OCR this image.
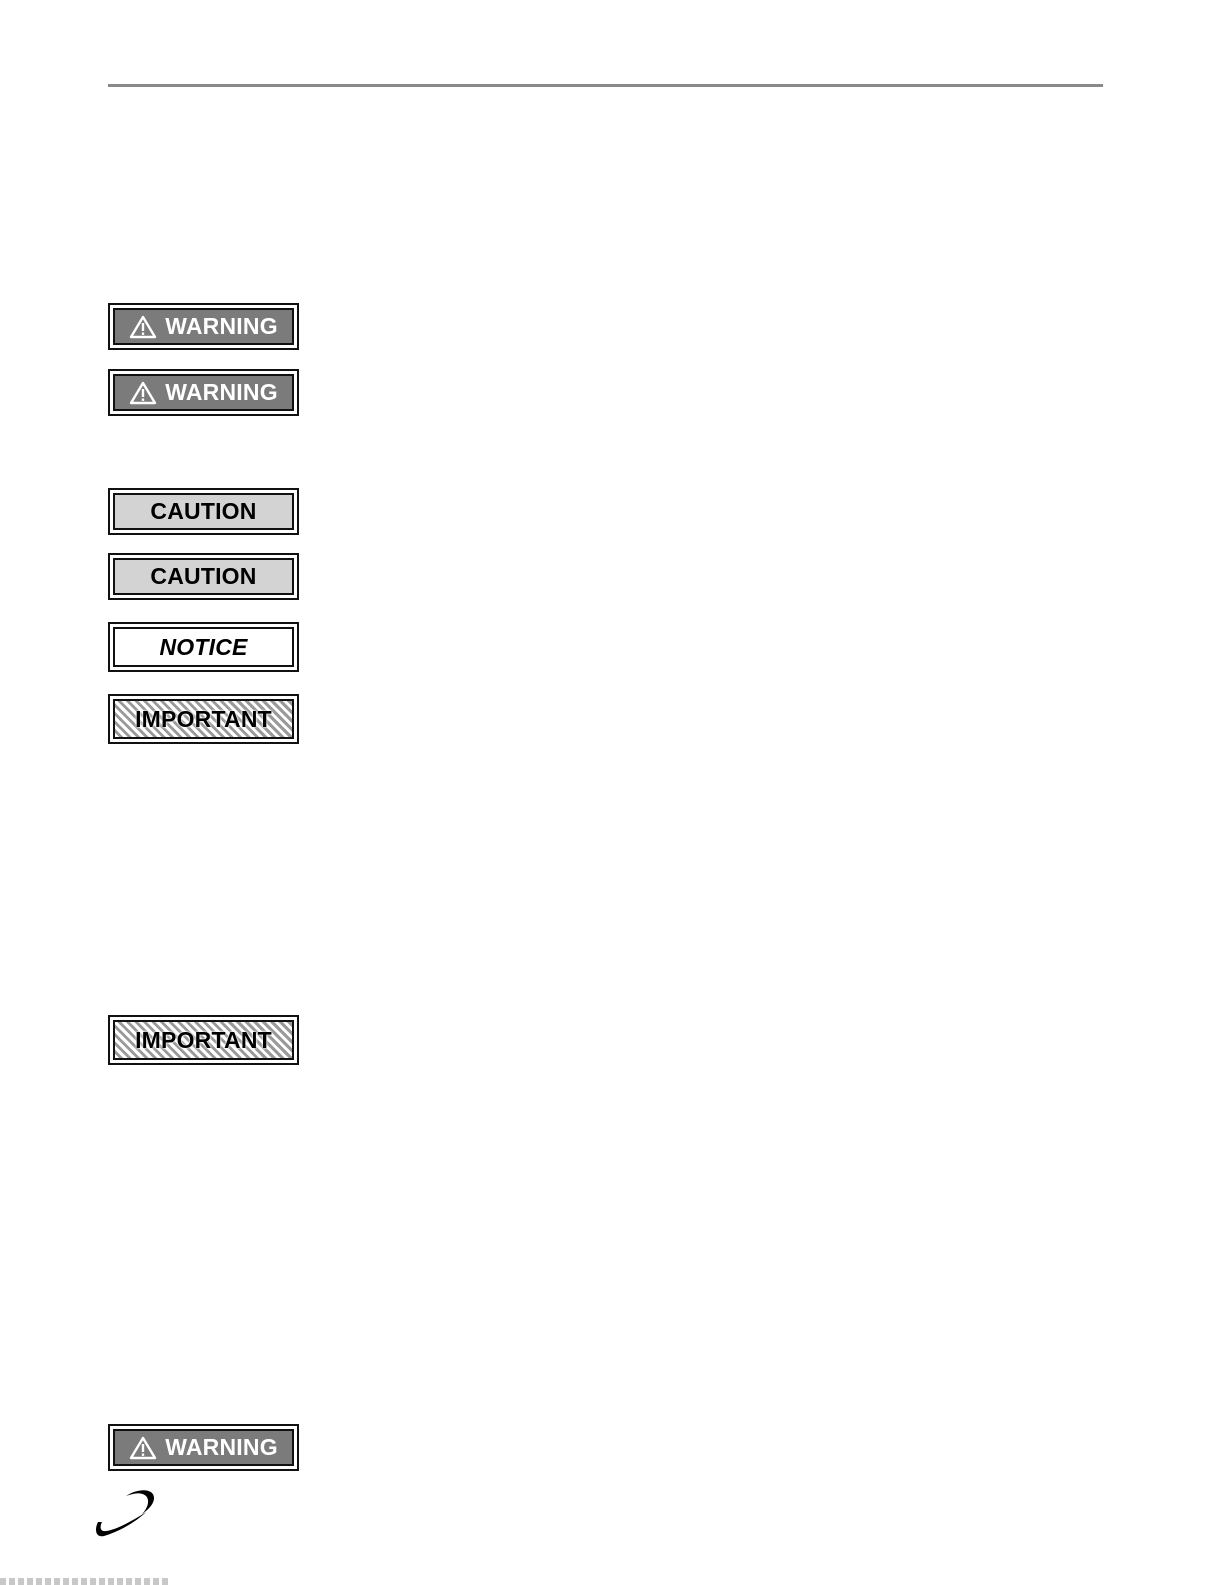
WARNING
WARNING
CAUTION
CAUTION
NOTICE
IMPORTANT
IMPORTANT
WARNING
